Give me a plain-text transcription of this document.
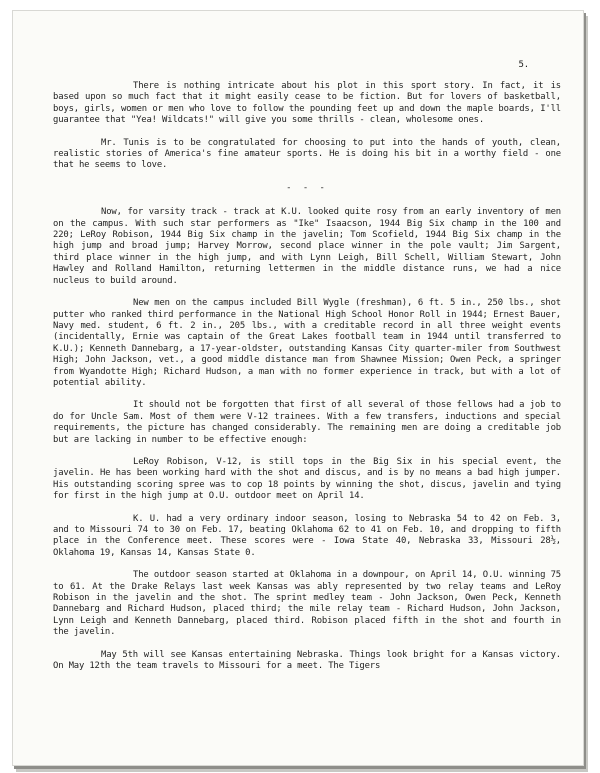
5.

There is nothing intricate about his plot in this sport story. In fact, it is based upon so much fact that it might easily cease to be fiction. But for lovers of basketball, boys, girls, women or men who love to follow the pounding feet up and down the maple boards, I'll guarantee that "Yea! Wildcats!" will give you some thrills - clean, wholesome ones.

Mr. Tunis is to be congratulated for choosing to put into the hands of youth, clean, realistic stories of America's fine amateur sports. He is doing his bit in a worthy field - one that he seems to love.

- - -

Now, for varsity track - track at K.U. looked quite rosy from an early inventory of men on the campus. With such star performers as "Ike" Isaacson, 1944 Big Six champ in the 100 and 220; LeRoy Robison, 1944 Big Six champ in the javelin; Tom Scofield, 1944 Big Six champ in the high jump and broad jump; Harvey Morrow, second place winner in the pole vault; Jim Sargent, third place winner in the high jump, and with Lynn Leigh, Bill Schell, William Stewart, John Hawley and Rolland Hamilton, returning lettermen in the middle distance runs, we had a nice nucleus to build around.

New men on the campus included Bill Wygle (freshman), 6 ft. 5 in., 250 lbs., shot putter who ranked third performance in the National High School Honor Roll in 1944; Ernest Bauer, Navy med. student, 6 ft. 2 in., 205 lbs., with a creditable record in all three weight events (incidentally, Ernie was captain of the Great Lakes football team in 1944 until transferred to K.U.); Kenneth Dannebarg, a 17-year-oldster, outstanding Kansas City quarter-miler from Southwest High; John Jackson, vet., a good middle distance man from Shawnee Mission; Owen Peck, a springer from Wyandotte High; Richard Hudson, a man with no former experience in track, but with a lot of potential ability.

It should not be forgotten that first of all several of those fellows had a job to do for Uncle Sam. Most of them were V-12 trainees. With a few transfers, inductions and special requirements, the picture has changed considerably. The remaining men are doing a creditable job but are lacking in number to be effective enough:

LeRoy Robison, V-12, is still tops in the Big Six in his special event, the javelin. He has been working hard with the shot and discus, and is by no means a bad high jumper. His outstanding scoring spree was to cop 18 points by winning the shot, discus, javelin and tying for first in the high jump at O.U. outdoor meet on April 14.

K. U. had a very ordinary indoor season, losing to Nebraska 54 to 42 on Feb. 3, and to Missouri 74 to 30 on Feb. 17, beating Oklahoma 62 to 41 on Feb. 10, and dropping to fifth place in the Conference meet. These scores were - Iowa State 40, Nebraska 33, Missouri 28½, Oklahoma 19, Kansas 14, Kansas State 0.

The outdoor season started at Oklahoma in a downpour, on April 14, O.U. winning 75 to 61. At the Drake Relays last week Kansas was ably represented by two relay teams and LeRoy Robison in the javelin and the shot. The sprint medley team - John Jackson, Owen Peck, Kenneth Dannebarg and Richard Hudson, placed third; the mile relay team - Richard Hudson, John Jackson, Lynn Leigh and Kenneth Dannebarg, placed third. Robison placed fifth in the shot and fourth in the javelin.

May 5th will see Kansas entertaining Nebraska. Things look bright for a Kansas victory. On May 12th the team travels to Missouri for a meet. The Tigers
